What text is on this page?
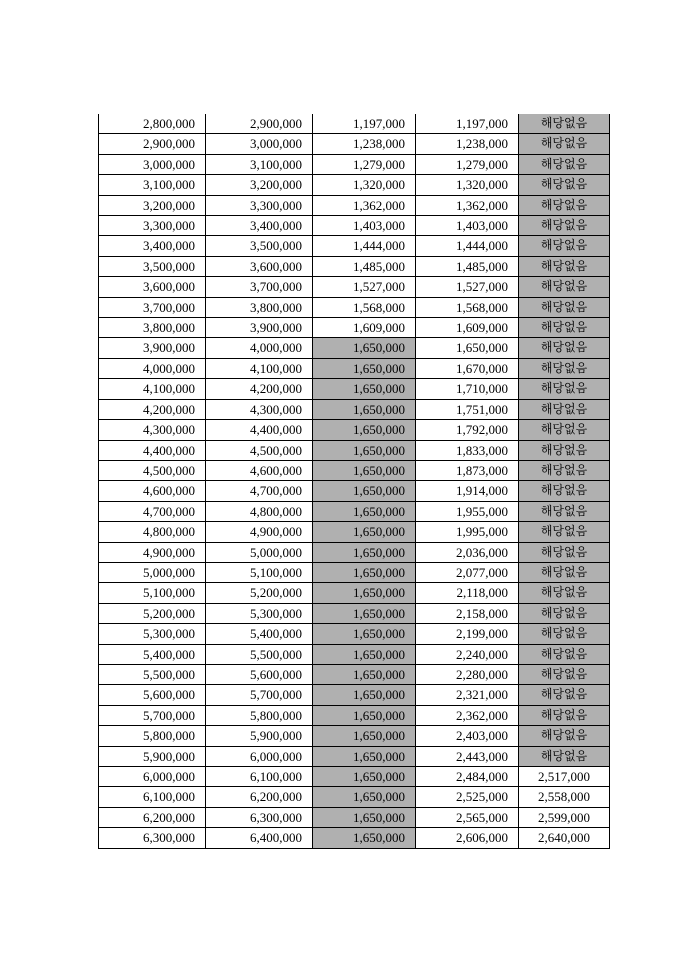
2,800,000	2,900,000	1,197,000	1,197,000	해당없음
2,900,000	3,000,000	1,238,000	1,238,000	해당없음
3,000,000	3,100,000	1,279,000	1,279,000	해당없음
3,100,000	3,200,000	1,320,000	1,320,000	해당없음
3,200,000	3,300,000	1,362,000	1,362,000	해당없음
3,300,000	3,400,000	1,403,000	1,403,000	해당없음
3,400,000	3,500,000	1,444,000	1,444,000	해당없음
3,500,000	3,600,000	1,485,000	1,485,000	해당없음
3,600,000	3,700,000	1,527,000	1,527,000	해당없음
3,700,000	3,800,000	1,568,000	1,568,000	해당없음
3,800,000	3,900,000	1,609,000	1,609,000	해당없음
3,900,000	4,000,000	1,650,000	1,650,000	해당없음
4,000,000	4,100,000	1,650,000	1,670,000	해당없음
4,100,000	4,200,000	1,650,000	1,710,000	해당없음
4,200,000	4,300,000	1,650,000	1,751,000	해당없음
4,300,000	4,400,000	1,650,000	1,792,000	해당없음
4,400,000	4,500,000	1,650,000	1,833,000	해당없음
4,500,000	4,600,000	1,650,000	1,873,000	해당없음
4,600,000	4,700,000	1,650,000	1,914,000	해당없음
4,700,000	4,800,000	1,650,000	1,955,000	해당없음
4,800,000	4,900,000	1,650,000	1,995,000	해당없음
4,900,000	5,000,000	1,650,000	2,036,000	해당없음
5,000,000	5,100,000	1,650,000	2,077,000	해당없음
5,100,000	5,200,000	1,650,000	2,118,000	해당없음
5,200,000	5,300,000	1,650,000	2,158,000	해당없음
5,300,000	5,400,000	1,650,000	2,199,000	해당없음
5,400,000	5,500,000	1,650,000	2,240,000	해당없음
5,500,000	5,600,000	1,650,000	2,280,000	해당없음
5,600,000	5,700,000	1,650,000	2,321,000	해당없음
5,700,000	5,800,000	1,650,000	2,362,000	해당없음
5,800,000	5,900,000	1,650,000	2,403,000	해당없음
5,900,000	6,000,000	1,650,000	2,443,000	해당없음
6,000,000	6,100,000	1,650,000	2,484,000	2,517,000
6,100,000	6,200,000	1,650,000	2,525,000	2,558,000
6,200,000	6,300,000	1,650,000	2,565,000	2,599,000
6,300,000	6,400,000	1,650,000	2,606,000	2,640,000
